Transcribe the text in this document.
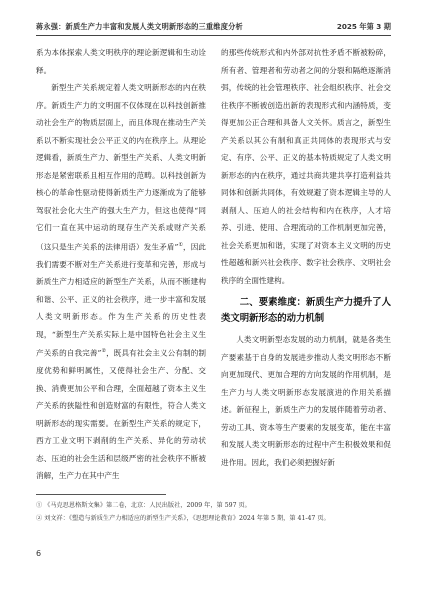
蒋永强：新质生产力丰富和发展人类文明新形态的三重维度分析	2025 年第 3 期

系为本体探索人类文明秩序的理论新逻辑和生动诠释。

新型生产关系规定着人类文明新形态的内在秩序。新质生产力的文明面不仅体现在以科技创新推动社会生产的物质层面上，而且体现在推动生产关系以不断实现社会公平正义的内在秩序上。从理论逻辑看，新质生产力、新型生产关系、人类文明新形态是紧密联系且相互作用的范畴。以科技创新为核心的革命性驱动使得新质生产力逐渐成为了能够驾驭社会化大生产的强大生产力，但这也使得“同它们一直在其中运动的现存生产关系或财产关系（这只是生产关系的法律用语）发生矛盾”①，因此我们需要不断对生产关系进行变革和完善，形成与新质生产力相适应的新型生产关系，从而不断建构和谐、公平、正义的社会秩序，进一步丰富和发展人类文明新形态。作为生产关系的历史性表现，“新型生产关系实际上是中国特色社会主义生产关系的自我完善”②，既具有社会主义公有制的制度优势和鲜明属性，又使得社会生产、分配、交换、消费更加公平和合理，全面超越了资本主义生产关系的狭隘性和创造财富的有限性，符合人类文明新形态的现实需要。在新型生产关系的规定下，西方工业文明下剥削的生产关系、异化的劳动状态、压迫的社会生活和层级严密的社会秩序不断被消解，生产力在其中产生

的那些传统形式和内外部对抗性矛盾不断被粉碎，所有者、管理者和劳动者之间的分裂和隔绝逐渐消弭，传统的社会管理秩序、社会组织秩序、社会交往秩序不断被创造出新的表现形式和内涵特质，变得更加公正合理和具备人文关怀。质言之，新型生产关系以其公有制和真正共同体的表现形式与安定、有序、公平、正义的基本特质规定了人类文明新形态的内在秩序，通过共商共建共享打造利益共同体和创新共同体，有效规避了资本逻辑主导的人剥削人、压迫人的社会结构和内在秩序，人才培养、引进、使用、合理流动的工作机制更加完善，社会关系更加和谐，实现了对资本主义文明的历史性超越和新兴社会秩序、数字社会秩序、文明社会秩序的全面性建构。

二、要素维度：新质生产力提升了人类文明新形态的动力机制

人类文明新型态发展的动力机制，就是各类生产要素基于自身的发展进步推动人类文明形态不断向更加现代、更加合理的方向发展的作用机制，是生产力与人类文明新形态发展演进的作用关系描述。新征程上，新质生产力的发展伴随着劳动者、劳动工具、资本等生产要素的发展变革，能在丰富和发展人类文明新形态的过程中产生积极效果和促进作用。因此，我们必须把握好新

① 《马克思恩格斯文集》第二卷，北京：人民出版社，2009 年，第 597 页。
② 刘文祥：《塑造与新质生产力相适应的新型生产关系》，《思想理论教育》2024 年第 5 期，第 41-47 页。
6
